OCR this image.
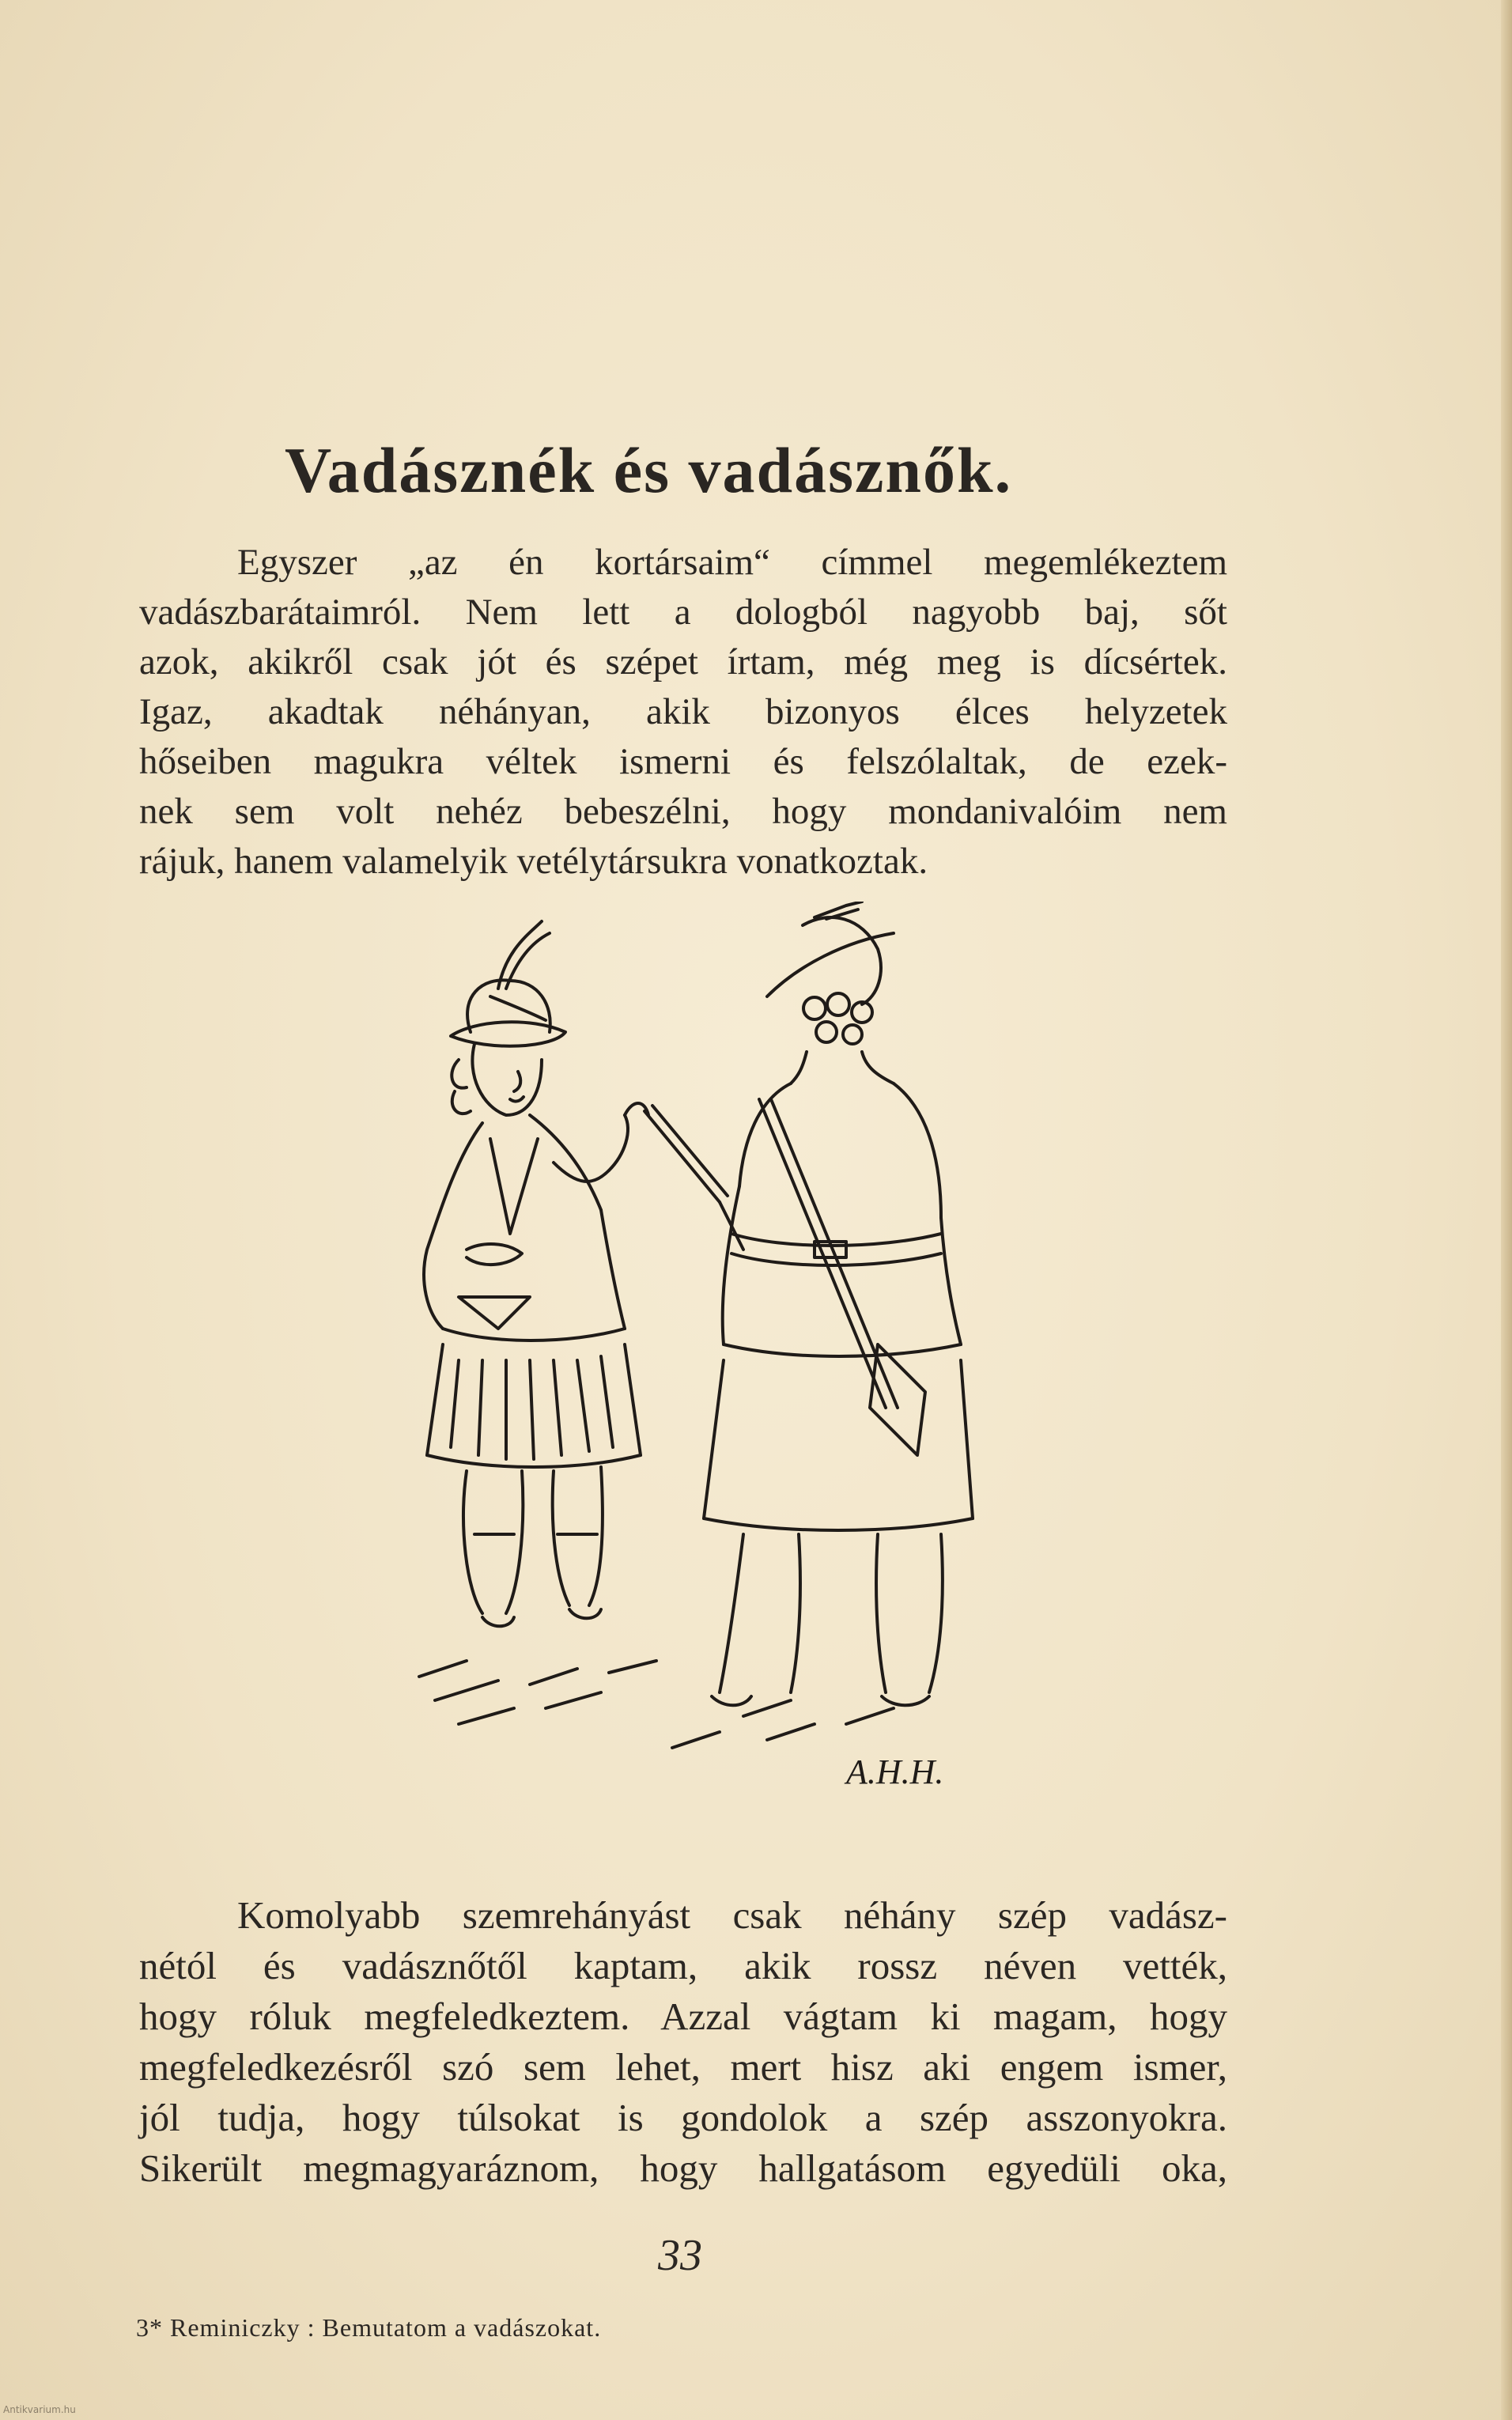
Vadásznék és vadásznők.
Egyszer „az én kortársaim“ címmel megemlékeztem
vadászbarátaimról. Nem lett a dologból nagyobb baj, sőt
azok, akikről csak jót és szépet írtam, még meg is dícsértek.
Igaz, akadtak néhányan, akik bizonyos élces helyzetek
hőseiben magukra véltek ismerni és felszólaltak, de ezek-
nek sem volt nehéz bebeszélni, hogy mondanivalóim nem
rájuk, hanem valamelyik vetélytársukra vonatkoztak.
A.H.H.
Komolyabb szemrehányást csak néhány szép vadász-
nétól és vadásznőtől kaptam, akik rossz néven vették,
hogy róluk megfeledkeztem. Azzal vágtam ki magam, hogy
megfeledkezésről szó sem lehet, mert hisz aki engem ismer,
jól tudja, hogy túlsokat is gondolok a szép asszonyokra.
Sikerült megmagyaráznom, hogy hallgatásom egyedüli oka,
33
3* Reminiczky : Bemutatom a vadászokat.
Antikvarium.hu
